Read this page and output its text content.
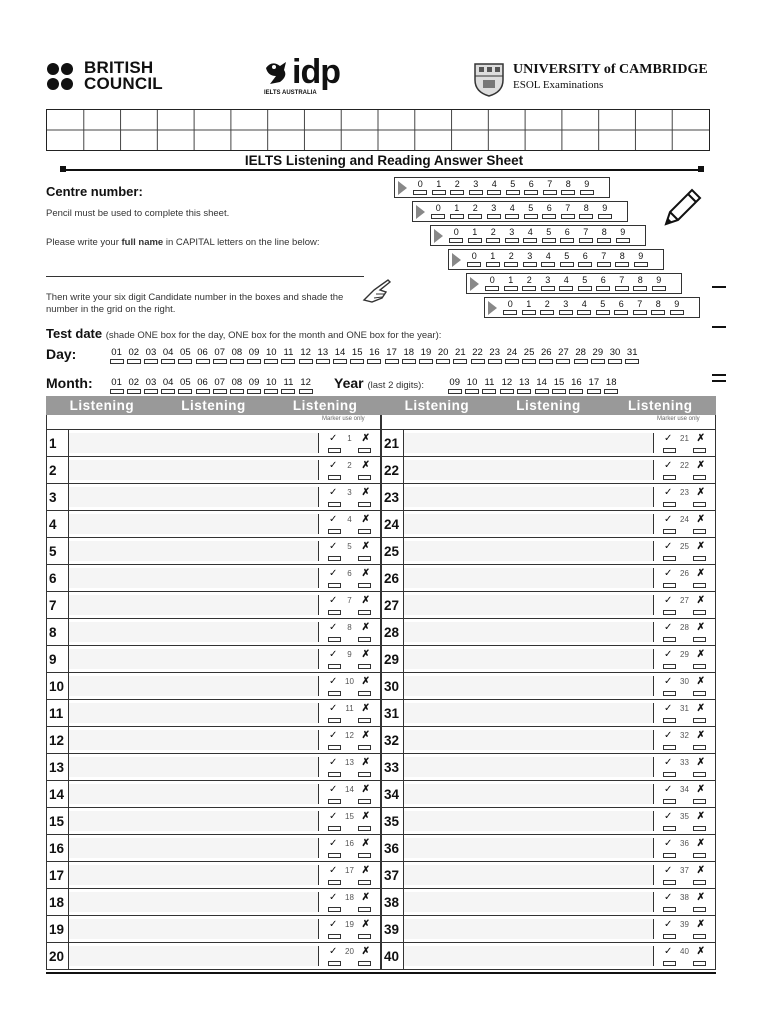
BRITISH
COUNCIL	idp
IELTS AUSTRALIA
UNIVERSITY of CAMBRIDGE
ESOL Examinations
IELTS Listening and Reading Answer Sheet
Centre number:
Pencil must be used to complete this sheet.
Please write your full name in CAPITAL letters on the line below:
Then write your six digit Candidate number in the boxes and shade the number in the grid on the right.
0	1	2	3	4	5	6	7	8	9
0	1	2	3	4	5	6	7	8	9
0	1	2	3	4	5	6	7	8	9
0	1	2	3	4	5	6	7	8	9
0	1	2	3	4	5	6	7	8	9
0	1	2	3	4	5	6	7	8	9
Test date (shade ONE box for the day, ONE box for the month and ONE box for the year):
Day:	01 02 03 04 05 06 07 08 09 10 11 12 13 14 15 16 17 18 19 20 21 22 23 24 25 26 27 28 29 30 31
Month:	01 02 03 04 05 06 07 08 09 10 11 12 Year (last 2 digits):	09 10 11 12 13 14 15 16 17 18
Listening	Listening	Listening	Listening	Listening	Listening
Marker use only
1	✓	1 ✗
2	✓	2 ✗
3	✓	3 ✗
4	✓	4 ✗
5	✓	5 ✗
6	✓	6 ✗
7	✓	7 ✗
8	✓	8 ✗
9	✓	9 ✗
10	✓ 10 ✗
11	✓ 11 ✗
12	✓ 12 ✗
13	✓ 13 ✗
14	✓ 14 ✗
15	✓ 15 ✗
16	✓ 16 ✗
17	✓ 17 ✗
18	✓ 18 ✗
19	✓ 19 ✗
20	✓ 20 ✗
Marker use only
21	✓ 21 ✗
22	✓ 22 ✗
23	✓ 23 ✗
24	✓ 24 ✗
25	✓ 25 ✗
26	✓ 26 ✗
27	✓ 27 ✗
28	✓ 28 ✗
29	✓ 29 ✗
30	✓ 30 ✗
31	✓ 31 ✗
32	✓ 32 ✗
33	✓ 33 ✗
34	✓ 34 ✗
35	✓ 35 ✗
36	✓ 36 ✗
37	✓ 37 ✗
38	✓ 38 ✗
39	✓ 39 ✗
40	✓ 40 ✗
